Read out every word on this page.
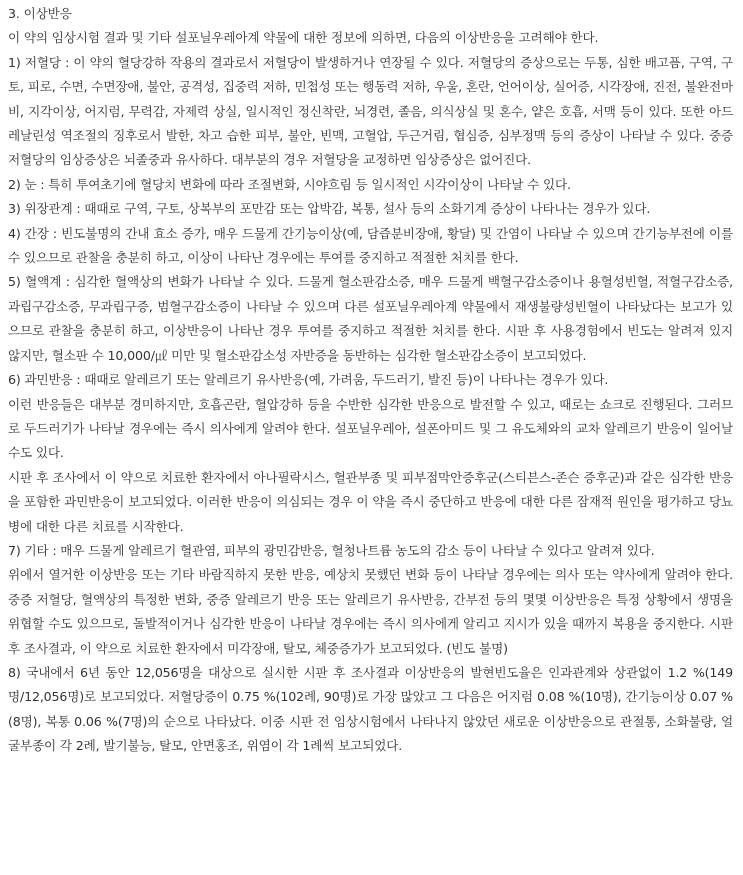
3. 이상반응

이 약의 임상시험 결과 및 기타 설포닐우레아계 약물에 대한 정보에 의하면, 다음의 이상반응을 고려해야 한다.

1) 저혈당 : 이 약의 혈당강하 작용의 결과로서 저혈당이 발생하거나 연장될 수 있다. 저혈당의 증상으로는 두통, 심한 배고픔, 구역, 구토, 피로, 수면, 수면장애, 불안, 공격성, 집중력 저하, 민첩성 또는 행동력 저하, 우울, 혼란, 언어이상, 실어증, 시각장애, 진전, 불완전마비, 지각이상, 어지럼, 무력감, 자제력 상실, 일시적인 정신착란, 뇌경련, 졸음, 의식상실 및 혼수, 얕은 호흡, 서맥 등이 있다. 또한 아드레날린성 역조절의 징후로서 발한, 차고 습한 피부, 불안, 빈맥, 고혈압, 두근거림, 협심증, 심부정맥 등의 증상이 나타날 수 있다. 중증 저혈당의 임상증상은 뇌졸중과 유사하다. 대부분의 경우 저혈당을 교정하면 임상증상은 없어진다.

2) 눈 : 특히 투여초기에 혈당치 변화에 따라 조절변화, 시야흐림 등 일시적인 시각이상이 나타날 수 있다.

3) 위장관계 : 때때로 구역, 구토, 상복부의 포만감 또는 압박감, 복통, 설사 등의 소화기계 증상이 나타나는 경우가 있다.

4) 간장 : 빈도불명의 간내 효소 증가, 매우 드물게 간기능이상(예, 담즙분비장애, 황달) 및 간염이 나타날 수 있으며 간기능부전에 이를 수 있으므로 관찰을 충분히 하고, 이상이 나타난 경우에는 투여를 중지하고 적절한 처치를 한다.

5) 혈액계 : 심각한 혈액상의 변화가 나타날 수 있다. 드물게 혈소판감소증, 매우 드물게 백혈구감소증이나 용혈성빈혈, 적혈구감소증, 과립구감소증, 무과립구증, 범혈구감소증이 나타날 수 있으며 다른 설포닐우레아계 약물에서 재생불량성빈혈이 나타났다는 보고가 있으므로 관찰을 충분히 하고, 이상반응이 나타난 경우 투여를 중지하고 적절한 처치를 한다. 시판 후 사용경험에서 빈도는 알려져 있지 않지만, 혈소판 수 10,000/㎕ 미만 및 혈소판감소성 자반증을 동반하는 심각한 혈소판감소증이 보고되었다.

6) 과민반응 : 때때로 알레르기 또는 알레르기 유사반응(예, 가려움, 두드러기, 발진 등)이 나타나는 경우가 있다.

이런 반응들은 대부분 경미하지만, 호흡곤란, 혈압강하 등을 수반한 심각한 반응으로 발전할 수 있고, 때로는 쇼크로 진행된다. 그러므로 두드러기가 나타날 경우에는 즉시 의사에게 알려야 한다. 설포닐우레아, 설폰아미드 및 그 유도체와의 교차 알레르기 반응이 일어날 수도 있다.

시판 후 조사에서 이 약으로 치료한 환자에서 아나필락시스, 혈관부종 및 피부점막안증후군(스티븐스-존슨 증후군)과 같은 심각한 반응을 포함한 과민반응이 보고되었다. 이러한 반응이 의심되는 경우 이 약을 즉시 중단하고 반응에 대한 다른 잠재적 원인을 평가하고 당뇨병에 대한 다른 치료를 시작한다.

7) 기타 : 매우 드물게 알레르기 혈관염, 피부의 광민감반응, 혈청나트륨 농도의 감소 등이 나타날 수 있다고 알려져 있다.

위에서 열거한 이상반응 또는 기타 바람직하지 못한 반응, 예상치 못했던 변화 등이 나타날 경우에는 의사 또는 약사에게 알려야 한다. 중증 저혈당, 혈액상의 특정한 변화, 중증 알레르기 반응 또는 알레르기 유사반응, 간부전 등의 몇몇 이상반응은 특정 상황에서 생명을 위협할 수도 있으므로, 돌발적이거나 심각한 반응이 나타날 경우에는 즉시 의사에게 알리고 지시가 있을 때까지 복용을 중지한다. 시판 후 조사결과, 이 약으로 치료한 환자에서 미각장애, 탈모, 체중증가가 보고되었다. (빈도 불명)

8) 국내에서 6년 동안 12,056명을 대상으로 실시한 시판 후 조사결과 이상반응의 발현빈도율은 인과관계와 상관없이 1.2 %(149명/12,056명)로 보고되었다. 저혈당증이 0.75 %(102례, 90명)로 가장 많았고 그 다음은 어지럼 0.08 %(10명), 간기능이상 0.07 %(8명), 복통 0.06 %(7명)의 순으로 나타났다. 이중 시판 전 임상시험에서 나타나지 않았던 새로운 이상반응으로 관절통, 소화불량, 얼굴부종이 각 2례, 발기불능, 탈모, 안면홍조, 위염이 각 1례씩 보고되었다.
